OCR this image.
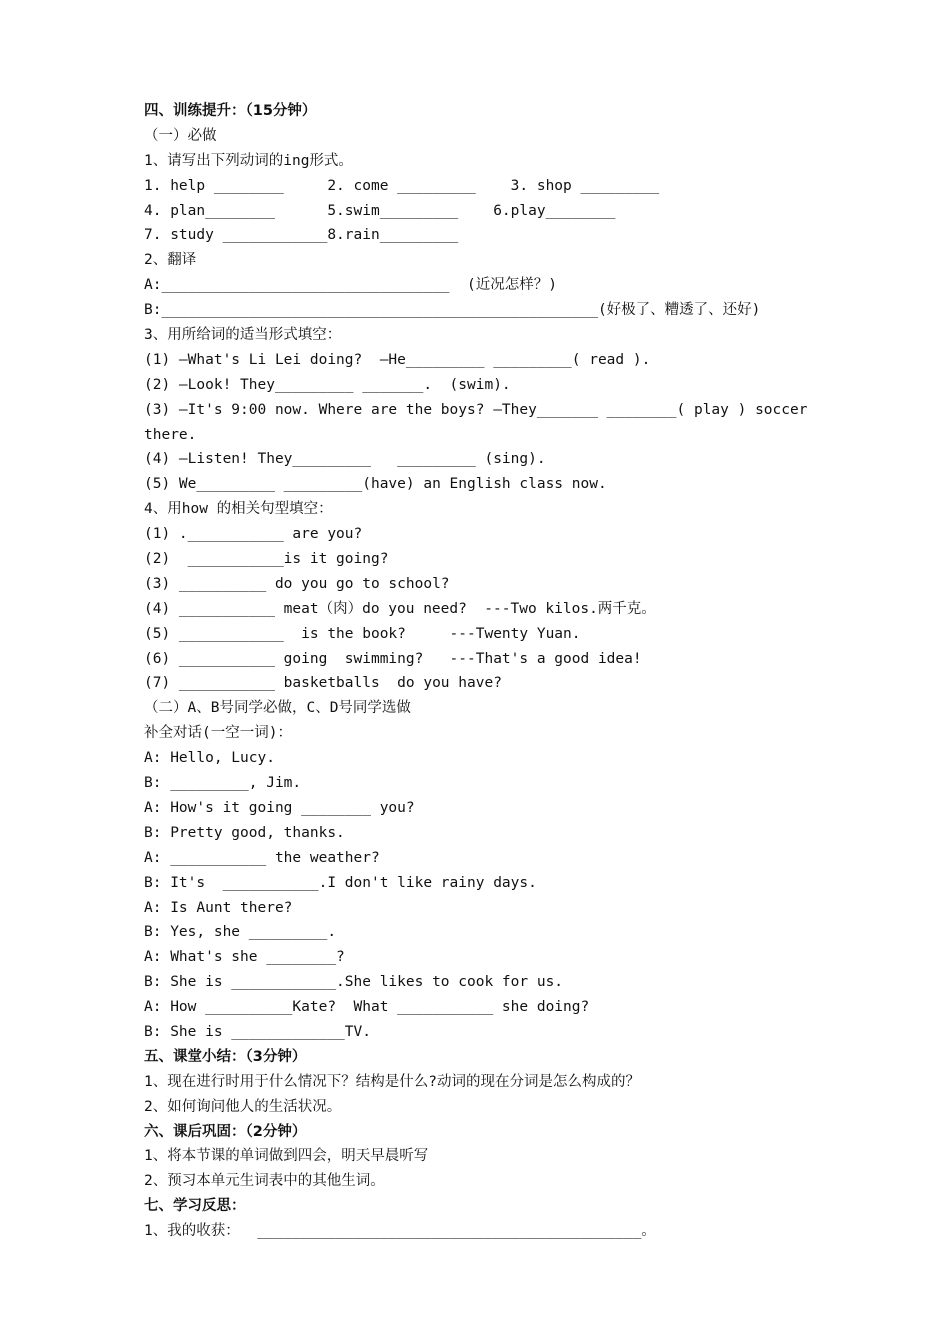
四、训练提升：（15分钟）
（一）必做
1、请写出下列动词的ing形式。
1. help ________     2. come _________    3. shop _________
4. plan________      5.swim_________    6.play________
7. study ____________8.rain_________
2、翻译
A:_________________________________  (近况怎样？)
B:__________________________________________________(好极了、糟透了、还好)
3、用所给词的适当形式填空：
(1) —What's Li Lei doing?  —He_________ _________( read ).
(2) —Look! They_________ _______.  (swim).
(3) —It's 9:00 now. Where are the boys? —They_______ ________( play ) soccer
there.
(4) —Listen! They_________   _________ (sing).
(5) We_________ _________(have) an English class now.
4、用how 的相关句型填空：
(1) .___________ are you?
(2)  ___________is it going?
(3) __________ do you go to school?
(4) ___________ meat（肉）do you need?  ---Two kilos.两千克。
(5) ____________  is the book?     ---Twenty Yuan.
(6) ___________ going  swimming?   ---That's a good idea!
(7) ___________ basketballs  do you have?
（二）A、B号同学必做，C、D号同学选做
补全对话(一空一词)：
A: Hello, Lucy.
B: _________, Jim.
A: How's it going ________ you?
B: Pretty good, thanks.
A: ___________ the weather?
B: It's  ___________.I don't like rainy days.
A: Is Aunt there?
B: Yes, she _________.
A: What's she ________?
B: She is ____________.She likes to cook for us.
A: How __________Kate?  What ___________ she doing?
B: She is _____________TV.
五、课堂小结：（3分钟）
1、现在进行时用于什么情况下？结构是什么?动词的现在分词是怎么构成的？
2、如何询问他人的生活状况。
六、课后巩固：（2分钟）
1、将本节课的单词做到四会，明天早晨听写
2、预习本单元生词表中的其他生词。
七、学习反思：
1、我的收获：  ____________________________________________。
